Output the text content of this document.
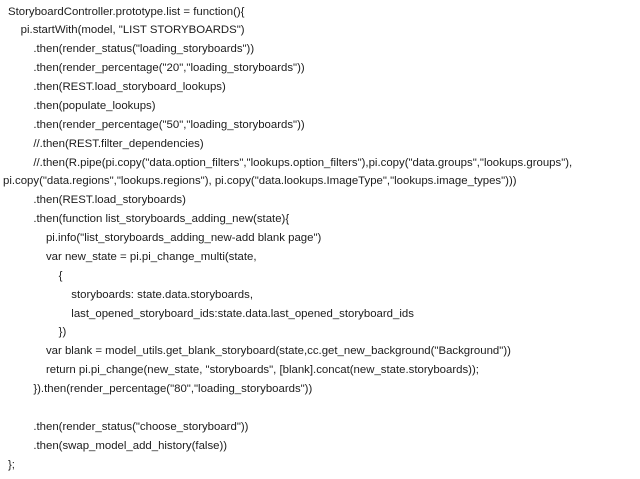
StoryboardController.prototype.list = function(){
pi.startWith(model, "LIST STORYBOARDS")
.then(render_status("loading_storyboards"))
.then(render_percentage("20","loading_storyboards"))
.then(REST.load_storyboard_lookups)
.then(populate_lookups)
.then(render_percentage("50","loading_storyboards"))
//.then(REST.filter_dependencies)
//.then(R.pipe(pi.copy("data.option_filters","lookups.option_filters"),pi.copy("data.groups","lookups.groups"),
pi.copy("data.regions","lookups.regions"), pi.copy("data.lookups.ImageType","lookups.image_types")))
.then(REST.load_storyboards)
.then(function list_storyboards_adding_new(state){
pi.info("list_storyboards_adding_new-add blank page")
var new_state = pi.pi_change_multi(state,
{
storyboards: state.data.storyboards,
last_opened_storyboard_ids:state.data.last_opened_storyboard_ids
})
var blank = model_utils.get_blank_storyboard(state,cc.get_new_background("Background"))
return pi.pi_change(new_state, "storyboards", [blank].concat(new_state.storyboards));
}).then(render_percentage("80","loading_storyboards"))
.then(render_status("choose_storyboard"))
.then(swap_model_add_history(false))
};
